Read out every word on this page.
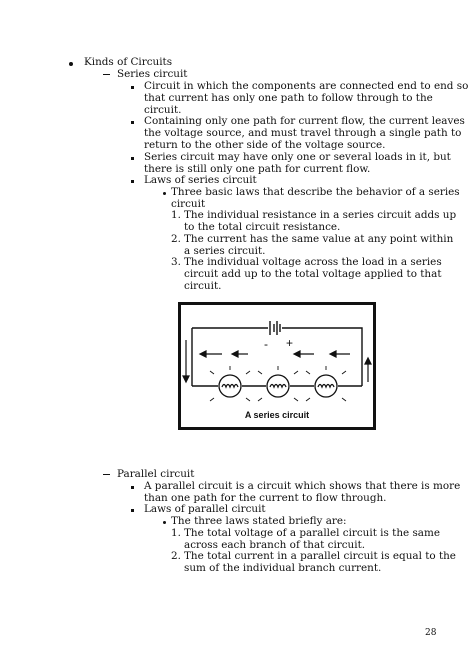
Kinds of Circuits
Series circuit
Circuit in which the components are connected end to end so
that current has only one path to follow through to the
circuit.
Containing only one path for current flow, the current leaves
the voltage source, and must travel through a single path to
return to the other side of the voltage source.
Series circuit may have only one or several loads in it, but
there is still only one path for current flow.
Laws of series circuit
Three basic laws that describe the behavior of a series
circuit
1. The individual resistance in a series circuit adds up
to the total circuit resistance.
2. The current has the same value at any point within
a series circuit.
3. The individual voltage across the load in a series
circuit add up to the total voltage applied to that
circuit.
- +
A series circuit
Parallel circuit
A parallel circuit is a circuit which shows that there is more
than one path for the current to flow through.
Laws of parallel circuit
The three laws stated briefly are:
1. The total voltage of a parallel circuit is the same
across each branch of that circuit.
2. The total current in a parallel circuit is equal to the
sum of the individual branch current.
28
